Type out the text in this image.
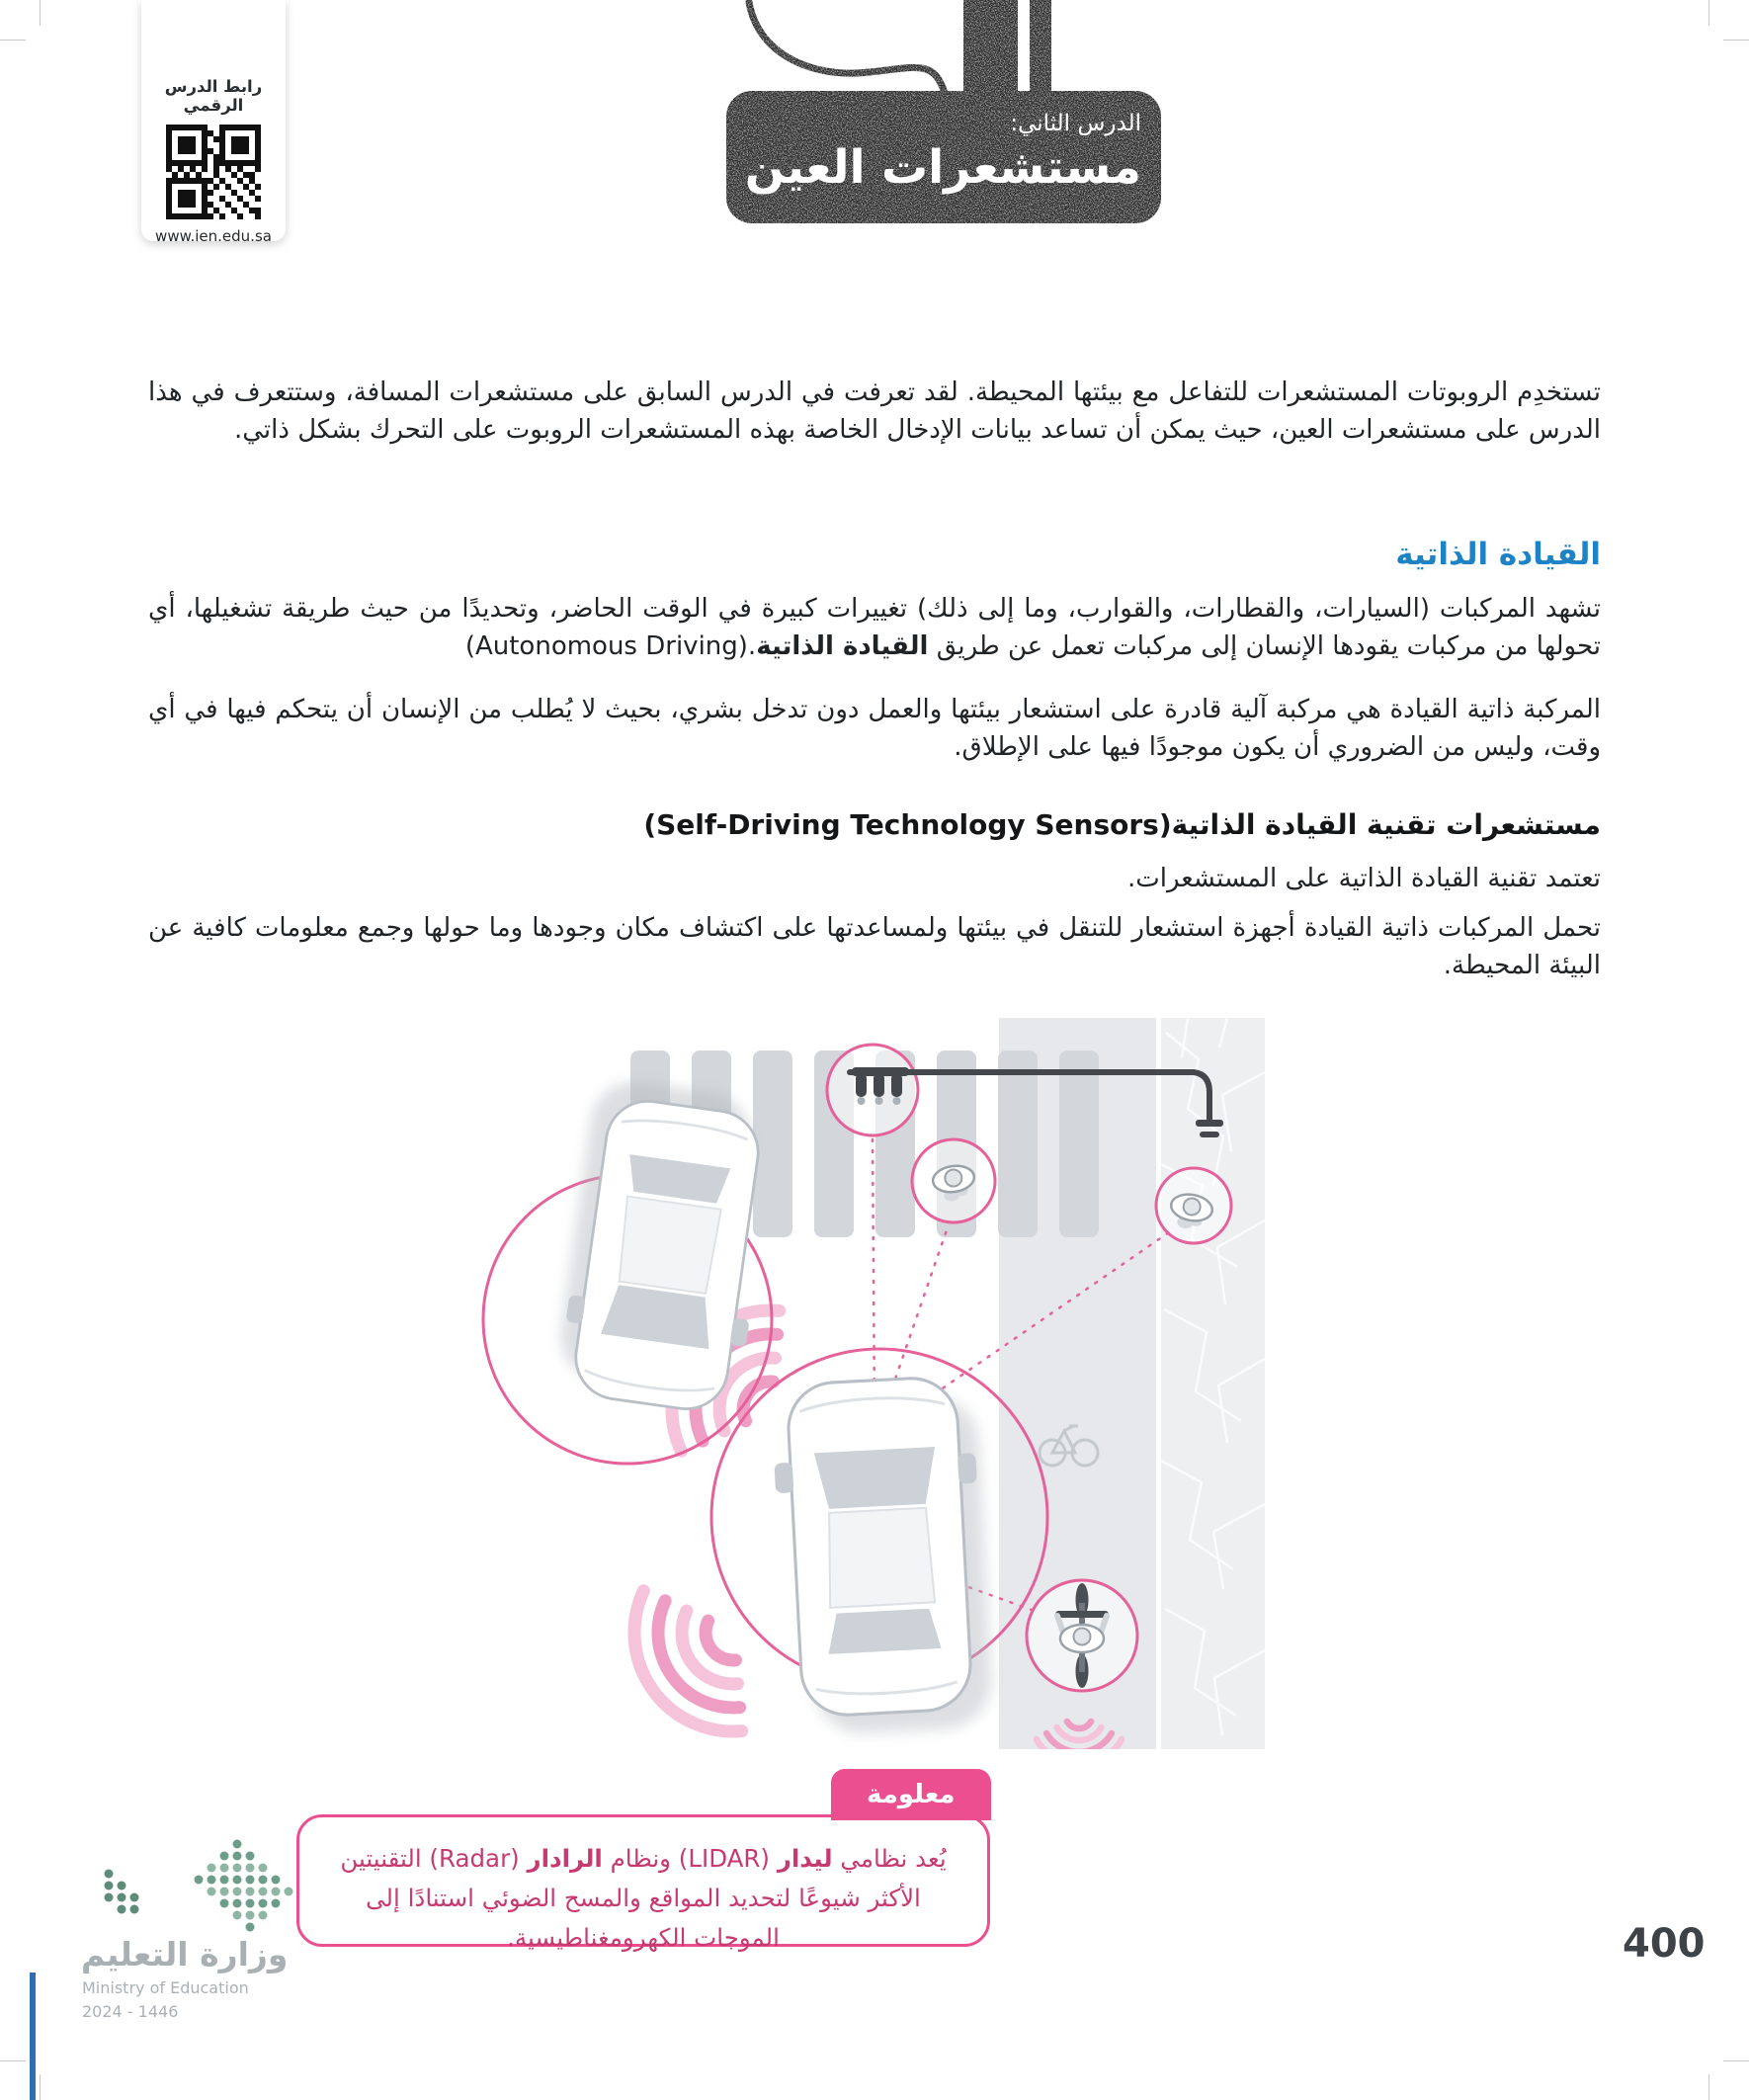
الدرس الثاني:
مستشعرات العين
رابط الدرس الرقمي
www.ien.edu.sa

تستخدِم الروبوتات المستشعرات للتفاعل مع بيئتها المحيطة. لقد تعرفت في الدرس السابق على مستشعرات المسافة، وستتعرف في هذا الدرس على مستشعرات العين، حيث يمكن أن تساعد بيانات الإدخال الخاصة بهذه المستشعرات الروبوت على التحرك بشكل ذاتي.

القيادة الذاتية

تشهد المركبات (السيارات، والقطارات، والقوارب، وما إلى ذلك) تغييرات كبيرة في الوقت الحاضر، وتحديدًا من حيث طريقة تشغيلها، أي تحولها من مركبات يقودها الإنسان إلى مركبات تعمل عن طريق القيادة الذاتية (Autonomous Driving).

المركبة ذاتية القيادة هي مركبة آلية قادرة على استشعار بيئتها والعمل دون تدخل بشري، بحيث لا يُطلب من الإنسان أن يتحكم فيها في أي وقت، وليس من الضروري أن يكون موجودًا فيها على الإطلاق.

مستشعرات تقنية القيادة الذاتية (Self-Driving Technology Sensors)

تعتمد تقنية القيادة الذاتية على المستشعرات.

تحمل المركبات ذاتية القيادة أجهزة استشعار للتنقل في بيئتها ولمساعدتها على اكتشاف مكان وجودها وما حولها وجمع معلومات كافية عن البيئة المحيطة.

معلومة

يُعد نظامي ليدار (LIDAR) ونظام الرادار (Radar) التقنيتين الأكثر شيوعًا لتحديد المواقع والمسح الضوئي استنادًا إلى الموجات الكهرومغناطيسية.

وزارة التعليم
Ministry of Education
2024 - 1446
400
